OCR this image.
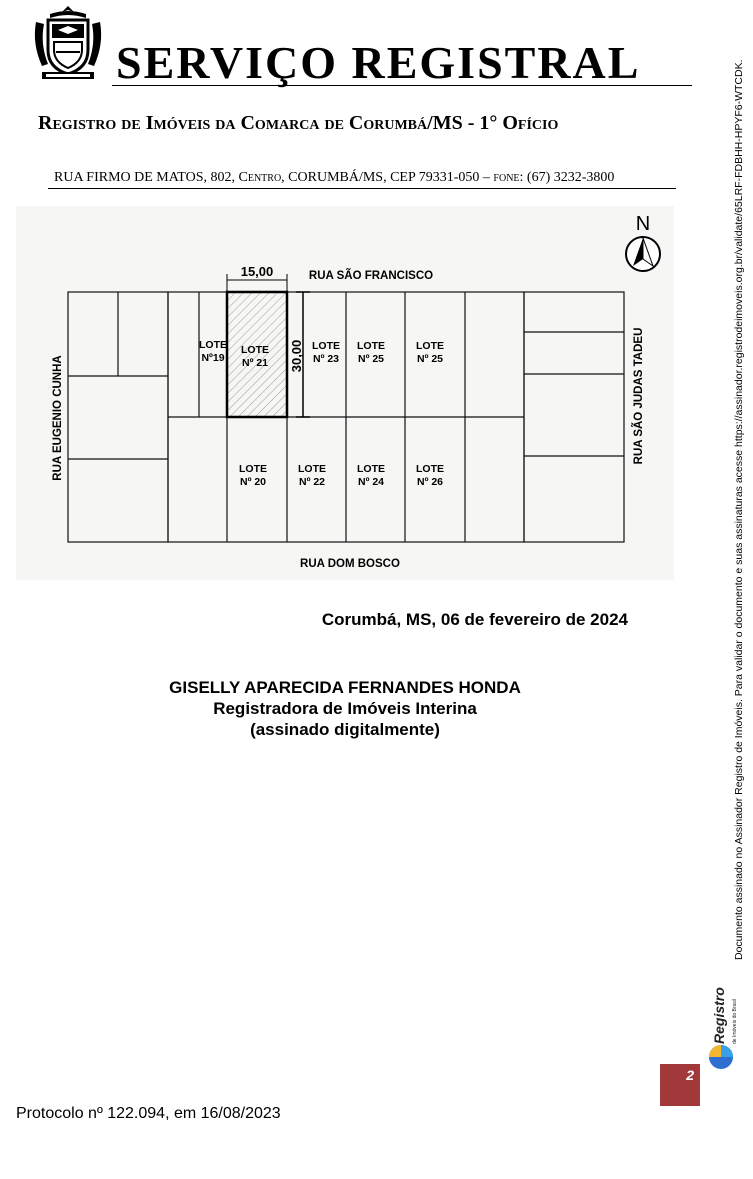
SERVIÇO REGISTRAL
Registro de Imóveis da Comarca de Corumbá/MS - 1° Ofício
RUA FIRMO DE MATOS, 802, Centro, CORUMBÁ/MS, CEP 79331-050 – fone: (67) 3232-3800
15,00
30,00
RUA SÃO FRANCISCO
RUA DOM BOSCO
RUA EUGENIO CUNHA	RUA SÃO JUDAS TADEU
LOTE
Nº19
LOTE
Nº 21
LOTE
Nº 23
LOTE
Nº 25
LOTE
Nº 25
LOTE
Nº 20
LOTE
Nº 22
LOTE
Nº 24
LOTE
Nº 26
N
Corumbá, MS, 06 de fevereiro de 2024
GISELLY APARECIDA FERNANDES HONDA
Registradora de Imóveis Interina
(assinado digitalmente)	Documento assinado no Assinador Registro de Imóveis. Para validar o documento e suas assinaturas acesse https://assinador.registrodeimoveis.org.br/validate/65LRF-FDBHH-HPYF6-WTCDK.
Registro de Imóveis do Brasil
2
Protocolo nº 122.094, em 16/08/2023
